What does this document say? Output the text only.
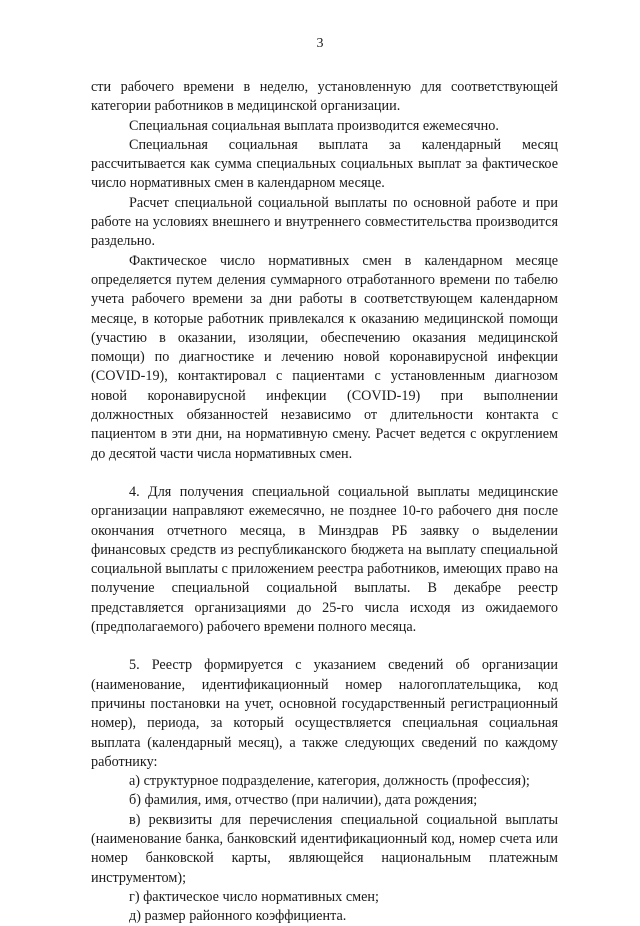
3

сти рабочего времени в неделю, установленную для соответствующей категории работников в медицинской организации.

Специальная социальная выплата производится ежемесячно.

Специальная социальная выплата за календарный месяц рассчитывается как сумма специальных социальных выплат за фактическое число нормативных смен в календарном месяце.

Расчет специальной социальной выплаты по основной работе и при работе на условиях внешнего и внутреннего совместительства производится раздельно.

Фактическое число нормативных смен в календарном месяце определяется путем деления суммарного отработанного времени по табелю учета рабочего времени за дни работы в соответствующем календарном месяце, в которые работник привлекался к оказанию медицинской помощи (участию в оказании, изоляции, обеспечению оказания медицинской помощи) по диагностике и лечению новой коронавирусной инфекции (COVID-19), контактировал с пациентами с установленным диагнозом новой коронавирусной инфекции (COVID-19) при выполнении должностных обязанностей независимо от длительности контакта с пациентом в эти дни, на нормативную смену. Расчет ведется с округлением до десятой части числа нормативных смен.

4. Для получения специальной социальной выплаты медицинские организации направляют ежемесячно, не позднее 10-го рабочего дня после окончания отчетного месяца, в Минздрав РБ заявку о выделении финансовых средств из республиканского бюджета на выплату специальной социальной выплаты с приложением реестра работников, имеющих право на получение специальной социальной выплаты. В декабре реестр представляется организациями до 25-го числа исходя из ожидаемого (предполагаемого) рабочего времени полного месяца.

5. Реестр формируется с указанием сведений об организации (наименование, идентификационный номер налогоплательщика, код причины постановки на учет, основной государственный регистрационный номер), периода, за который осуществляется специальная социальная выплата (календарный месяц), а также следующих сведений по каждому работнику:

а) структурное подразделение, категория, должность (профессия);

б) фамилия, имя, отчество (при наличии), дата рождения;

в) реквизиты для перечисления специальной социальной выплаты (наименование банка, банковский идентификационный код, номер счета или номер банковской карты, являющейся национальным платежным инструментом);

г) фактическое число нормативных смен;

д) размер районного коэффициента.
